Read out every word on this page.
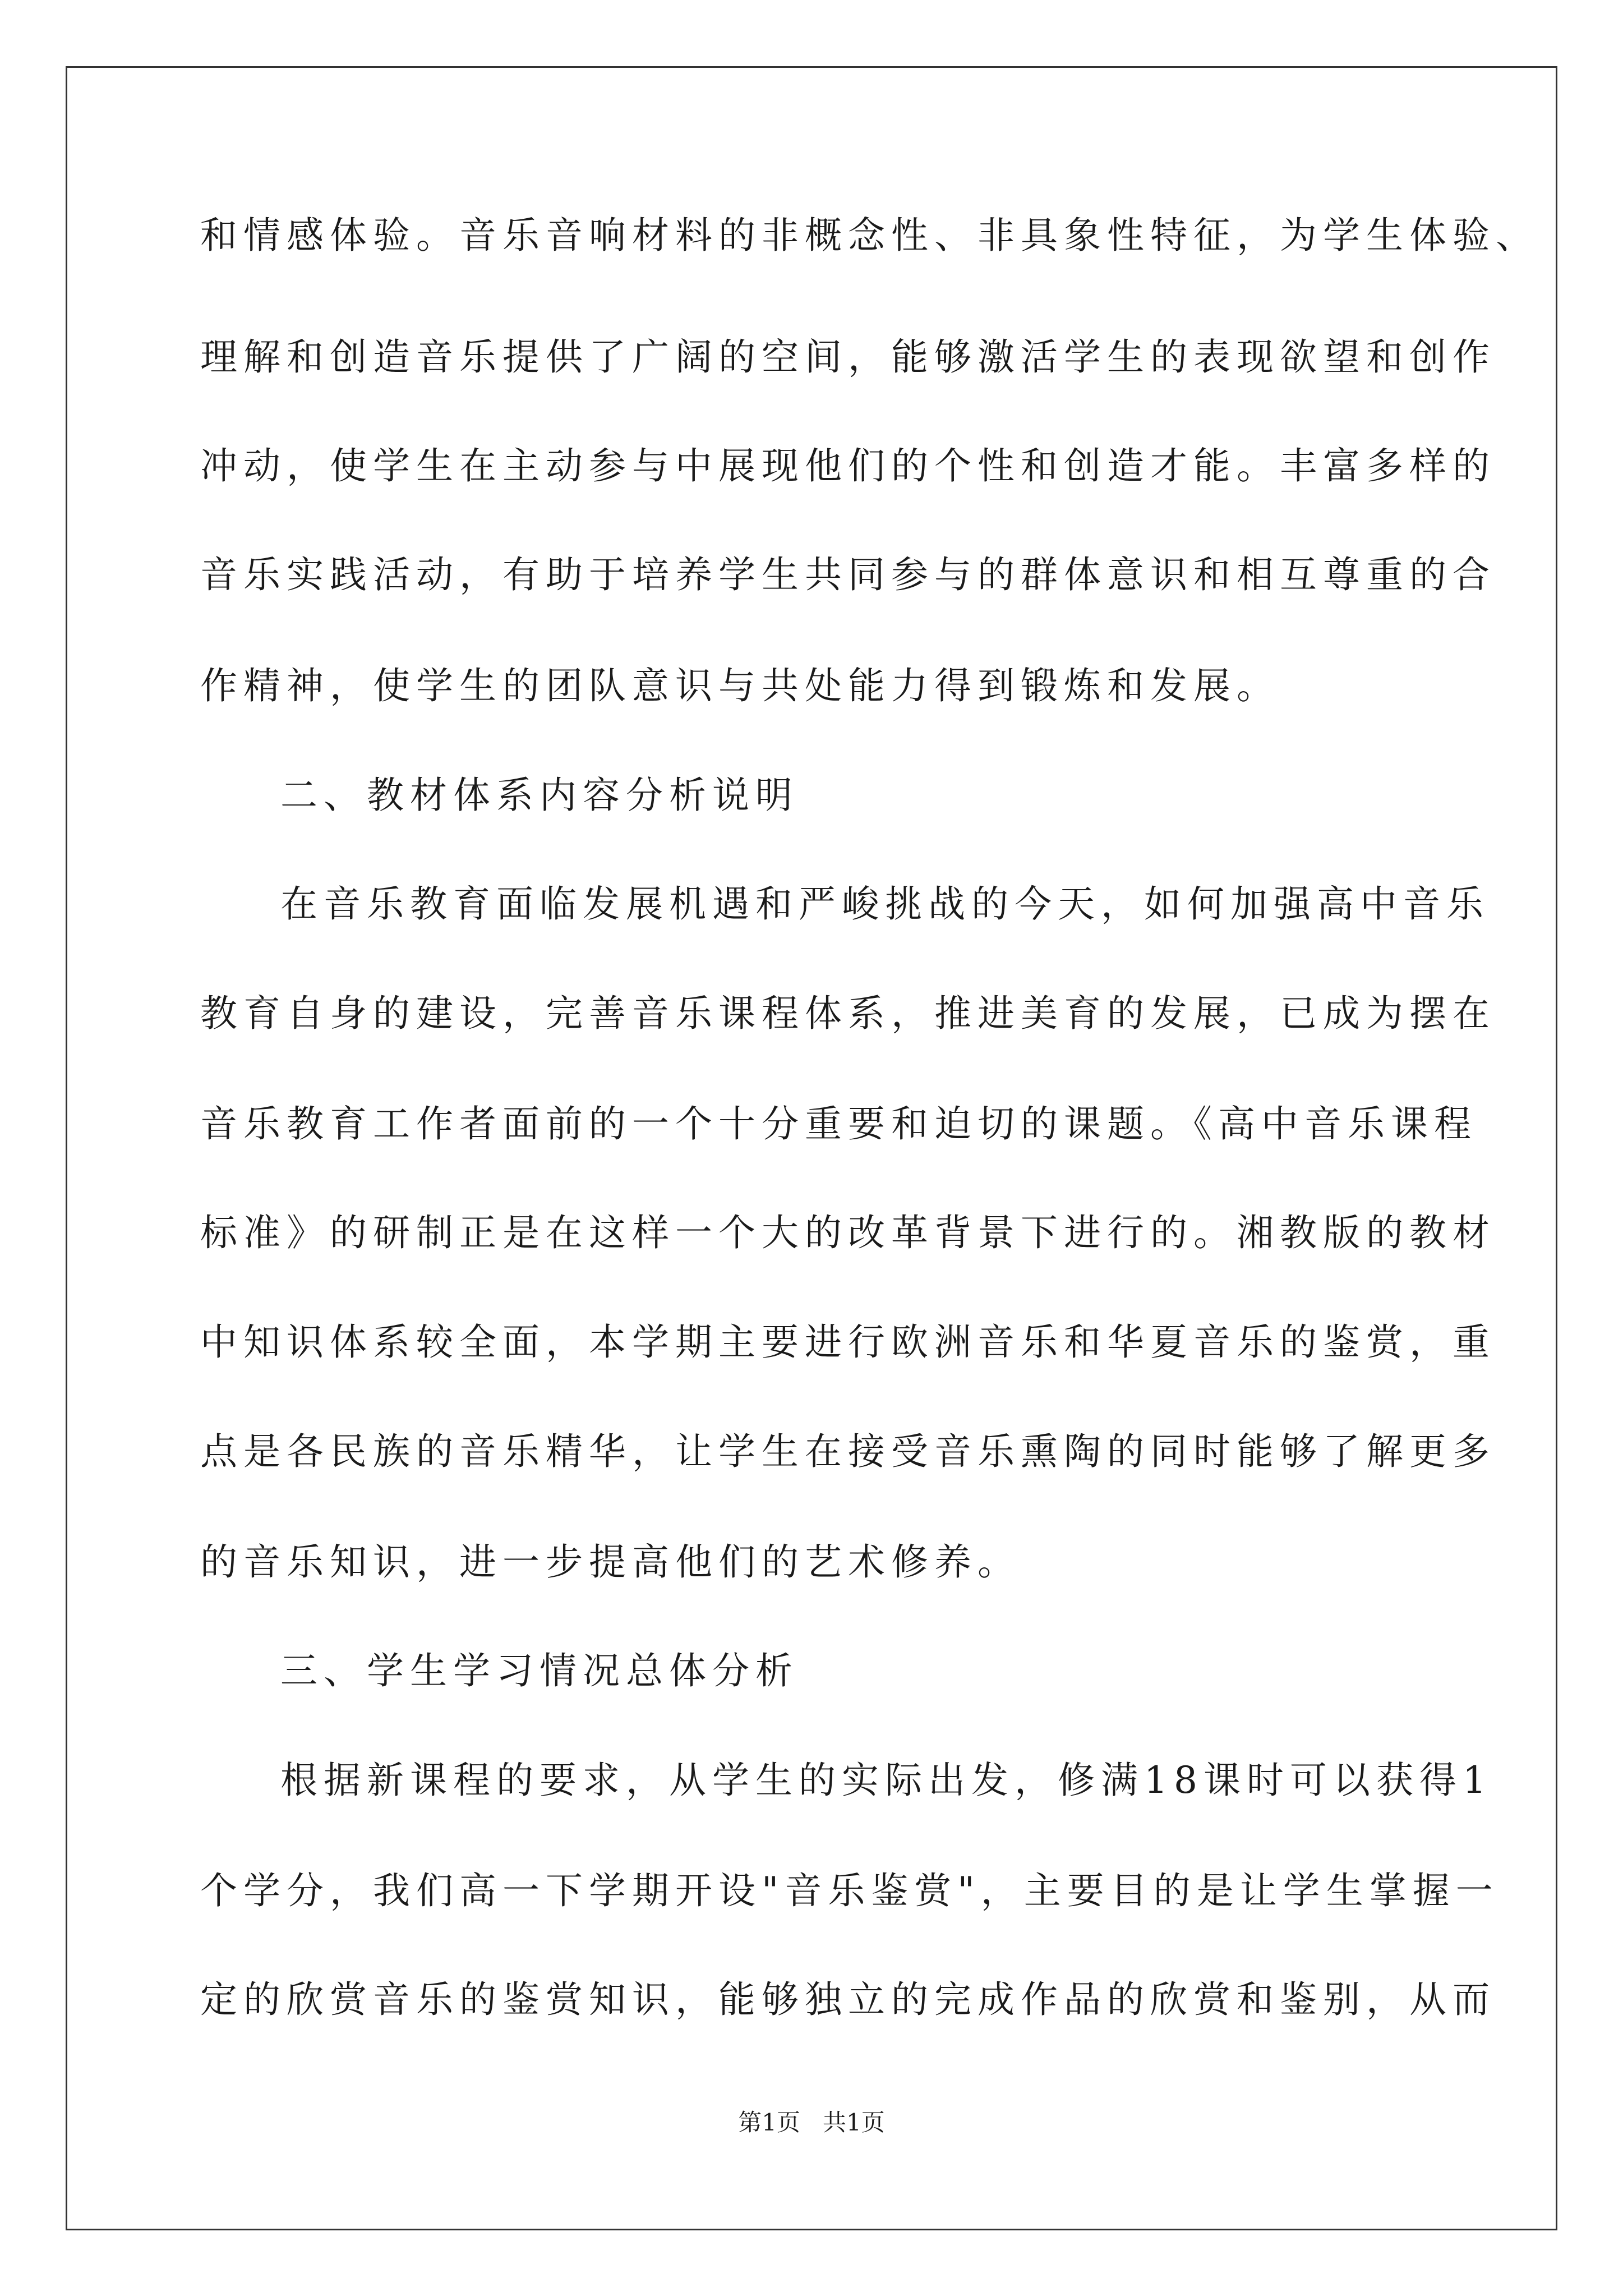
和情感体验。音乐音响材料的非概念性、非具象性特征，为学生体验、
理解和创造音乐提供了广阔的空间，能够激活学生的表现欲望和创作
冲动，使学生在主动参与中展现他们的个性和创造才能。丰富多样的
音乐实践活动，有助于培养学生共同参与的群体意识和相互尊重的合
作精神，使学生的团队意识与共处能力得到锻炼和发展。
二、教材体系内容分析说明
在音乐教育面临发展机遇和严峻挑战的今天，如何加强高中音乐
教育自身的建设，完善音乐课程体系，推进美育的发展，已成为摆在
音乐教育工作者面前的一个十分重要和迫切的课题。《高中音乐课程
标准》的研制正是在这样一个大的改革背景下进行的。湘教版的教材
中知识体系较全面，本学期主要进行欧洲音乐和华夏音乐的鉴赏，重
点是各民族的音乐精华，让学生在接受音乐熏陶的同时能够了解更多
的音乐知识，进一步提高他们的艺术修养。
三、学生学习情况总体分析
根据新课程的要求，从学生的实际出发，修满18课时可以获得1
个学分，我们高一下学期开设"音乐鉴赏"，主要目的是让学生掌握一
定的欣赏音乐的鉴赏知识，能够独立的完成作品的欣赏和鉴别，从而
第1页 共1页
